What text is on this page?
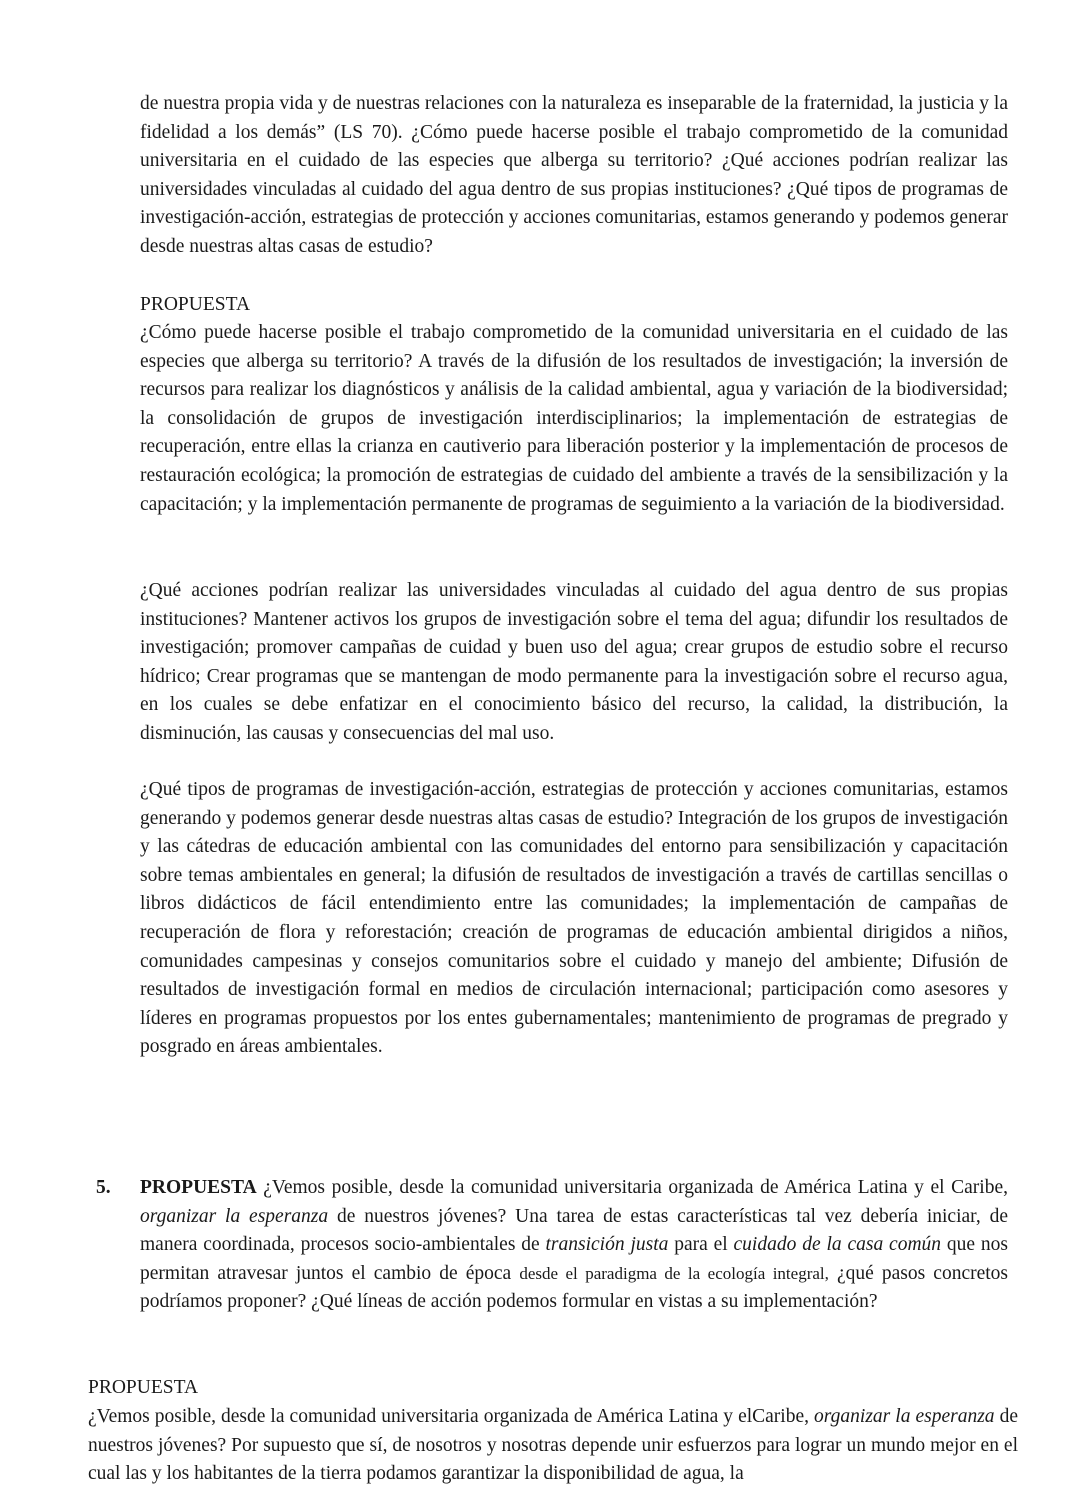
de nuestra propia vida y de nuestras relaciones con la naturaleza es inseparable de la fraternidad, la justicia y la fidelidad a los demás” (LS 70). ¿Cómo puede hacerse posible el trabajo comprometido de la comunidad universitaria en el cuidado de las especies que alberga su territorio? ¿Qué acciones podrían realizar las universidades vinculadas al cuidado del agua dentro de sus propias instituciones? ¿Qué tipos de programas de investigación-acción, estrategias de protección y acciones comunitarias, estamos generando y podemos generar desde nuestras altas casas de estudio?

PROPUESTA

¿Cómo puede hacerse posible el trabajo comprometido de la comunidad universitaria en el cuidado de las especies que alberga su territorio? A través de la difusión de los resultados de investigación; la inversión de recursos para realizar los diagnósticos y análisis de la calidad ambiental, agua y variación de la biodiversidad; la consolidación de grupos de investigación interdisciplinarios; la implementación de estrategias de recuperación, entre ellas la crianza en cautiverio para liberación posterior y la implementación de procesos de restauración ecológica; la promoción de estrategias de cuidado del ambiente a través de la sensibilización y la capacitación; y la implementación permanente de programas de seguimiento a la variación de la biodiversidad.

¿Qué acciones podrían realizar las universidades vinculadas al cuidado del agua dentro de sus propias instituciones? Mantener activos los grupos de investigación sobre el tema del agua; difundir los resultados de investigación; promover campañas de cuidad y buen uso del agua; crear grupos de estudio sobre el recurso hídrico; Crear programas que se mantengan de modo permanente para la investigación sobre el recurso agua, en los cuales se debe enfatizar en el conocimiento básico del recurso, la calidad, la distribución, la disminución, las causas y consecuencias del mal uso.

¿Qué tipos de programas de investigación-acción, estrategias de protección y acciones comunitarias, estamos generando y podemos generar desde nuestras altas casas de estudio? Integración de los grupos de investigación y las cátedras de educación ambiental con las comunidades del entorno para sensibilización y capacitación sobre temas ambientales en general; la difusión de resultados de investigación a través de cartillas sencillas o libros didácticos de fácil entendimiento entre las comunidades; la implementación de campañas de recuperación de flora y reforestación; creación de programas de educación ambiental dirigidos a niños, comunidades campesinas y consejos comunitarios sobre el cuidado y manejo del ambiente; Difusión de resultados de investigación formal en medios de circulación internacional; participación como asesores y líderes en programas propuestos por los entes gubernamentales; mantenimiento de programas de pregrado y posgrado en áreas ambientales.

5. PROPUESTA ¿Vemos posible, desde la comunidad universitaria organizada de América Latina y el Caribe, organizar la esperanza de nuestros jóvenes? Una tarea de estas características tal vez debería iniciar, de manera coordinada, procesos socio-ambientales de transición justa para el cuidado de la casa común que nos permitan atravesar juntos el cambio de época desde el paradigma de la ecología integral, ¿qué pasos concretos podríamos proponer? ¿Qué líneas de acción podemos formular en vistas a su implementación?

PROPUESTA

¿Vemos posible, desde la comunidad universitaria organizada de América Latina y elCaribe, organizar la esperanza de nuestros jóvenes? Por supuesto que sí, de nosotros y nosotras depende unir esfuerzos para lograr un mundo mejor en el cual las y los habitantes de la tierra podamos garantizar la disponibilidad de agua, la
